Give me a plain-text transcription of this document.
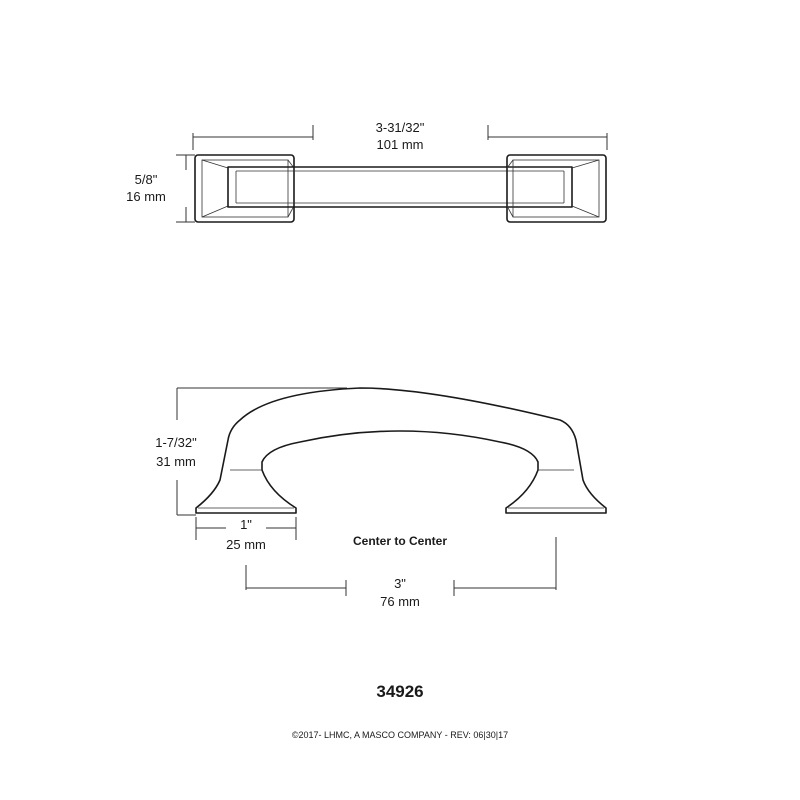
3-31/32"
101 mm
5/8"
16 mm
1-7/32"
31 mm
1"
25 mm	Center to Center
3"
76 mm
34926
©2017- LHMC, A MASCO COMPANY - REV: 06|30|17
